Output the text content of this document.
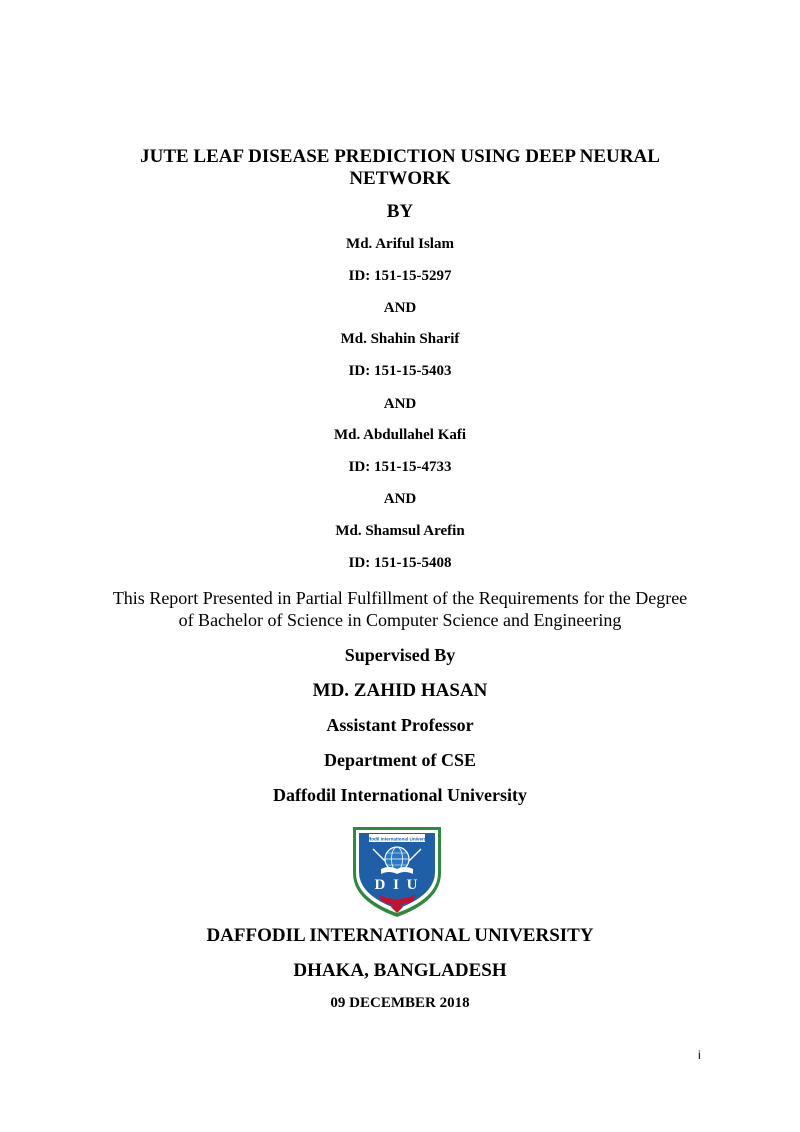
JUTE LEAF DISEASE PREDICTION USING DEEP NEURAL
NETWORK
BY
Md. Ariful Islam
ID: 151-15-5297
AND
Md. Shahin Sharif
ID: 151-15-5403
AND
Md. Abdullahel Kafi
ID: 151-15-4733
AND
Md. Shamsul Arefin
ID: 151-15-5408
This Report Presented in Partial Fulfillment of the Requirements for the Degree
of Bachelor of Science in Computer Science and Engineering
Supervised By
MD. ZAHID HASAN
Assistant Professor
Department of CSE
Daffodil International University
Daffodil International University
D I U
DAFFODIL INTERNATIONAL UNIVERSITY
DHAKA, BANGLADESH
09 DECEMBER 2018
i
